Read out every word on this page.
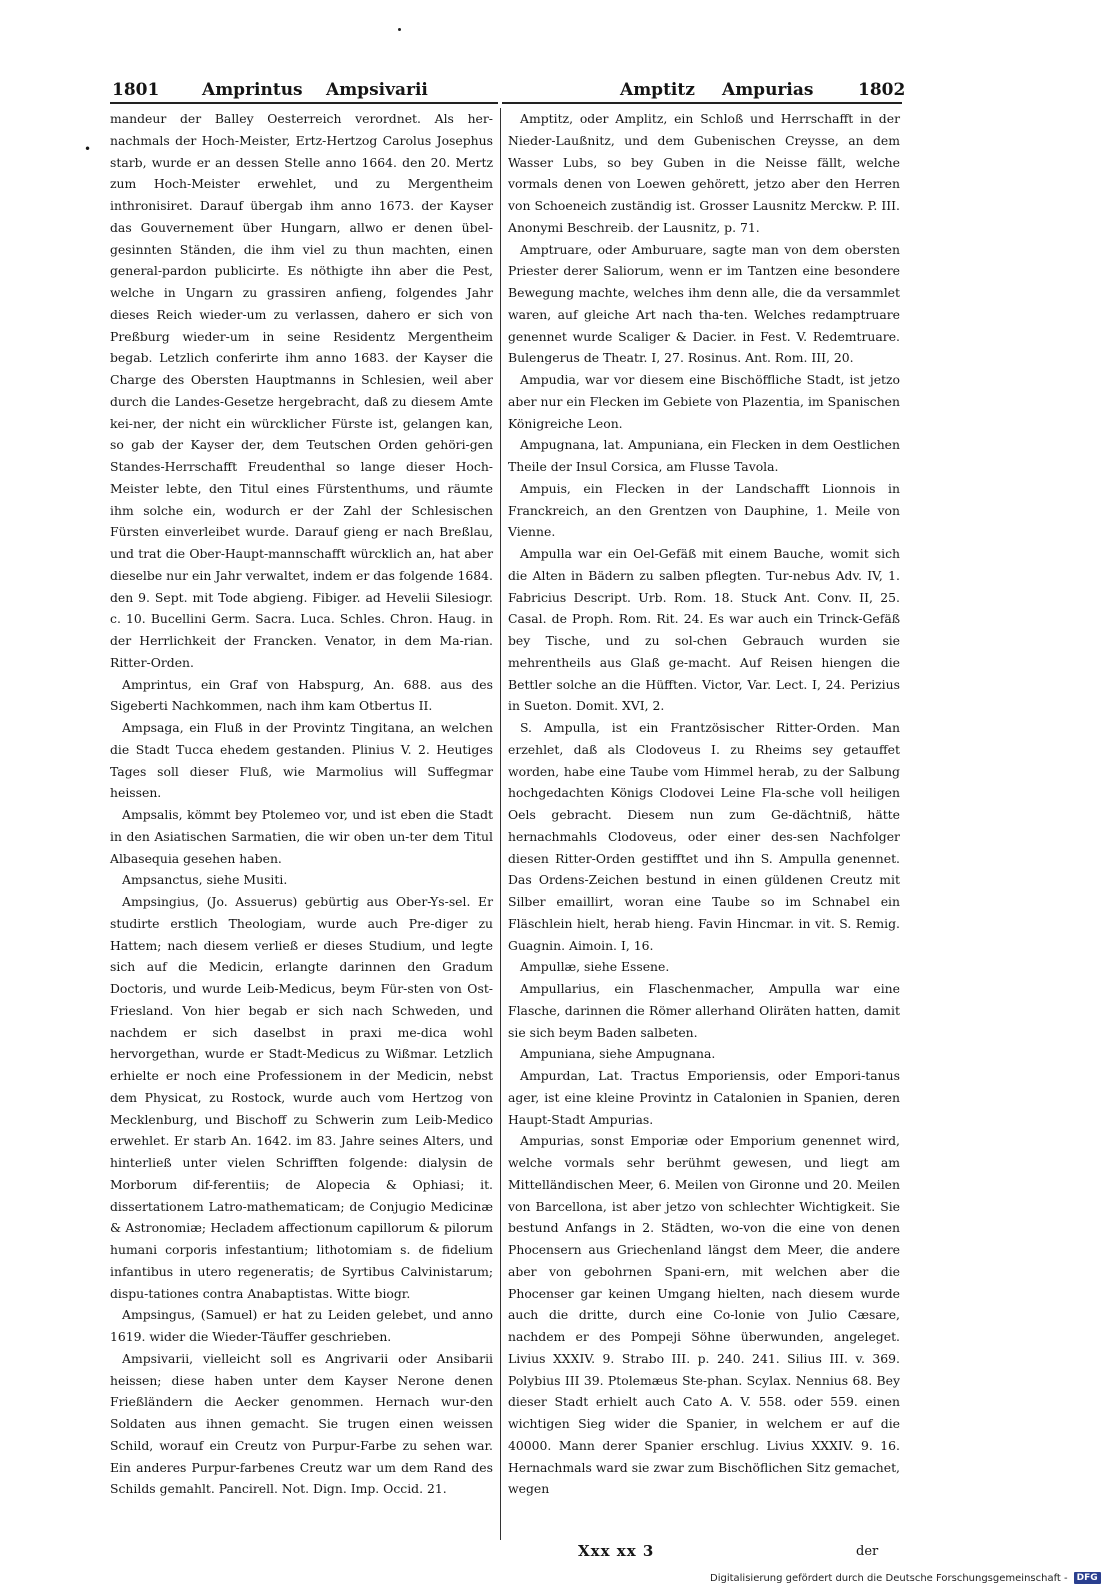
1801	Amprintus Ampsivarii	Amptitz Ampurias	1802
•

mandeur der Balley Oesterreich verordnet. Als her-nachmals der Hoch-Meister, Ertz-Hertzog Carolus Josephus starb, wurde er an dessen Stelle anno 1664. den 20. Mertz zum Hoch-Meister erwehlet, und zu Mergentheim inthronisiret. Darauf übergab ihm anno 1673. der Kayser das Gouvernement über Hungarn, allwo er denen übel-gesinnten Ständen, die ihm viel zu thun machten, einen general-pardon publicirte. Es nöthigte ihn aber die Pest, welche in Ungarn zu grassiren anfieng, folgendes Jahr dieses Reich wieder-um zu verlassen, dahero er sich von Preßburg wieder-um in seine Residentz Mergentheim begab. Letzlich conferirte ihm anno 1683. der Kayser die Charge des Obersten Hauptmanns in Schlesien, weil aber durch die Landes-Gesetze hergebracht, daß zu diesem Amte kei-ner, der nicht ein würcklicher Fürste ist, gelangen kan, so gab der Kayser der, dem Teutschen Orden gehöri-gen Standes-Herrschafft Freudenthal so lange dieser Hoch-Meister lebte, den Titul eines Fürstenthums, und räumte ihm solche ein, wodurch er der Zahl der Schlesischen Fürsten einverleibet wurde. Darauf gieng er nach Breßlau, und trat die Ober-Haupt-mannschafft würcklich an, hat aber dieselbe nur ein Jahr verwaltet, indem er das folgende 1684. den 9. Sept. mit Tode abgieng. Fibiger. ad Hevelii Silesiogr. c. 10. Bucellini Germ. Sacra. Luca. Schles. Chron. Haug. in der Herrlichkeit der Francken. Venator, in dem Ma-rian. Ritter-Orden.

Amprintus, ein Graf von Habspurg, An. 688. aus des Sigeberti Nachkommen, nach ihm kam Otbertus II.

Ampsaga, ein Fluß in der Provintz Tingitana, an welchen die Stadt Tucca ehedem gestanden. Plinius V. 2. Heutiges Tages soll dieser Fluß, wie Marmolius will Suffegmar heissen.

Ampsalis, kömmt bey Ptolemeo vor, und ist eben die Stadt in den Asiatischen Sarmatien, die wir oben un-ter dem Titul Albasequia gesehen haben.

Ampsanctus, siehe Musiti.

Ampsingius, (Jo. Assuerus) gebürtig aus Ober-Ys-sel. Er studirte erstlich Theologiam, wurde auch Pre-diger zu Hattem; nach diesem verließ er dieses Studium, und legte sich auf die Medicin, erlangte darinnen den Gradum Doctoris, und wurde Leib-Medicus, beym Für-sten von Ost-Friesland. Von hier begab er sich nach Schweden, und nachdem er sich daselbst in praxi me-dica wohl hervorgethan, wurde er Stadt-Medicus zu Wißmar. Letzlich erhielte er noch eine Professionem in der Medicin, nebst dem Physicat, zu Rostock, wurde auch vom Hertzog von Mecklenburg, und Bischoff zu Schwerin zum Leib-Medico erwehlet. Er starb An. 1642. im 83. Jahre seines Alters, und hinterließ unter vielen Schrifften folgende: dialysin de Morborum dif-ferentiis; de Alopecia & Ophiasi; it. dissertationem Latro-mathematicam; de Conjugio Medicinæ & Astronomiæ; Hecladem affectionum capillorum & pilorum humani corporis infestantium; lithotomiam s. de fidelium infantibus in utero regeneratis; de Syrtibus Calvinistarum; dispu-tationes contra Anabaptistas. Witte biogr.

Ampsingus, (Samuel) er hat zu Leiden gelebet, und anno 1619. wider die Wieder-Täuffer geschrieben.

Ampsivarii, vielleicht soll es Angrivarii oder Ansibarii heissen; diese haben unter dem Kayser Nerone denen Frießländern die Aecker genommen. Hernach wur-den Soldaten aus ihnen gemacht. Sie trugen einen weissen Schild, worauf ein Creutz von Purpur-Farbe zu sehen war. Ein anderes Purpur-farbenes Creutz war um dem Rand des Schilds gemahlt. Pancirell. Not. Dign. Imp. Occid. 21.

Amptitz, oder Amplitz, ein Schloß und Herrschafft in der Nieder-Laußnitz, und dem Gubenischen Creysse, an dem Wasser Lubs, so bey Guben in die Neisse fällt, welche vormals denen von Loewen gehörett, jetzo aber den Herren von Schoeneich zuständig ist. Grosser Lausnitz Merckw. P. III. Anonymi Beschreib. der Lausnitz, p. 71.

Amptruare, oder Amburuare, sagte man von dem obersten Priester derer Saliorum, wenn er im Tantzen eine besondere Bewegung machte, welches ihm denn alle, die da versammlet waren, auf gleiche Art nach tha-ten. Welches redamptruare genennet wurde Scaliger & Dacier. in Fest. V. Redemtruare. Bulengerus de Theatr. I, 27. Rosinus. Ant. Rom. III, 20.

Ampudia, war vor diesem eine Bischöffliche Stadt, ist jetzo aber nur ein Flecken im Gebiete von Plazentia, im Spanischen Königreiche Leon.

Ampugnana, lat. Ampuniana, ein Flecken in dem Oestlichen Theile der Insul Corsica, am Flusse Tavola.

Ampuis, ein Flecken in der Landschafft Lionnois in Franckreich, an den Grentzen von Dauphine, 1. Meile von Vienne.

Ampulla war ein Oel-Gefäß mit einem Bauche, womit sich die Alten in Bädern zu salben pflegten. Tur-nebus Adv. IV, 1. Fabricius Descript. Urb. Rom. 18. Stuck Ant. Conv. II, 25. Casal. de Proph. Rom. Rit. 24. Es war auch ein Trinck-Gefäß bey Tische, und zu sol-chen Gebrauch wurden sie mehrentheils aus Glaß ge-macht. Auf Reisen hiengen die Bettler solche an die Hüfften. Victor, Var. Lect. I, 24. Perizius in Sueton. Domit. XVI, 2.

S. Ampulla, ist ein Frantzösischer Ritter-Orden. Man erzehlet, daß als Clodoveus I. zu Rheims sey getauffet worden, habe eine Taube vom Himmel herab, zu der Salbung hochgedachten Königs Clodovei Leine Fla-sche voll heiligen Oels gebracht. Diesem nun zum Ge-dächtniß, hätte hernachmahls Clodoveus, oder einer des-sen Nachfolger diesen Ritter-Orden gestifftet und ihn S. Ampulla genennet. Das Ordens-Zeichen bestund in einen güldenen Creutz mit Silber emaillirt, woran eine Taube so im Schnabel ein Fläschlein hielt, herab hieng. Favin Hincmar. in vit. S. Remig. Guagnin. Aimoin. I, 16.

Ampullæ, siehe Essene.

Ampullarius, ein Flaschenmacher, Ampulla war eine Flasche, darinnen die Römer allerhand Oliräten hatten, damit sie sich beym Baden salbeten.

Ampuniana, siehe Ampugnana.

Ampurdan, Lat. Tractus Emporiensis, oder Empori-tanus ager, ist eine kleine Provintz in Catalonien in Spanien, deren Haupt-Stadt Ampurias.

Ampurias, sonst Emporiæ oder Emporium genennet wird, welche vormals sehr berühmt gewesen, und liegt am Mittelländischen Meer, 6. Meilen von Gironne und 20. Meilen von Barcellona, ist aber jetzo von schlechter Wichtigkeit. Sie bestund Anfangs in 2. Städten, wo-von die eine von denen Phocensern aus Griechenland längst dem Meer, die andere aber von gebohrnen Spani-ern, mit welchen aber die Phocenser gar keinen Umgang hielten, nach diesem wurde auch die dritte, durch eine Co-lonie von Julio Cæsare, nachdem er des Pompeji Söhne überwunden, angeleget. Livius XXXIV. 9. Strabo III. p. 240. 241. Silius III. v. 369. Polybius III 39. Ptolemæus Ste-phan. Scylax. Nennius 68. Bey dieser Stadt erhielt auch Cato A. V. 558. oder 559. einen wichtigen Sieg wider die Spanier, in welchem er auf die 40000. Mann derer Spanier erschlug. Livius XXXIV. 9. 16. Hernachmals ward sie zwar zum Bischöflichen Sitz gemachet, wegen

Xxx xx 3	der
Digitalisierung gefördert durch die Deutsche Forschungsgemeinschaft - DFG
